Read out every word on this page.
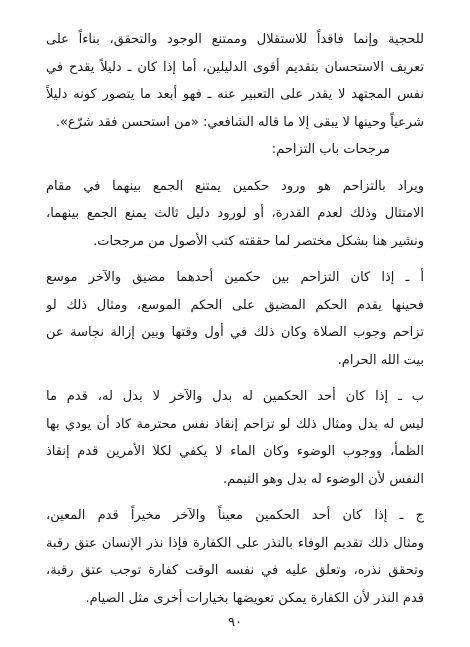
للحجية وإنما فاقداً للاستقلال وممتنع الوجود والتحقق، بناءاً على
تعريف الاستحسان بتقديم أقوى الدليلين، أما إذا كان ـ دليلاً يقدح في
نفس المجتهد لا يقدر على التعبير عنه ـ فهو أبعد ما يتصور كونه دليلاً
شرعياً وحينها لا يبقى إلا ما قاله الشافعي: «من استحسن فقد شرّع».
مرجحات باب التزاحم:
ويراد بالتزاحم هو ورود حكمين يمتنع الجمع بينهما في مقام
الامتثال وذلك لعدم القدرة، أو لورود دليل ثالث يمنع الجمع بينهما،
ونشير هنا بشكل مختصر لما حققته كتب الأصول من مرجحات.
أ ـ إذا كان التزاحم بين حكمين أحدهما مضيق والآخر موسع
فحينها يقدم الحكم المضيق على الحكم الموسع، ومثال ذلك لو
تزاحم وجوب الصلاة وكان ذلك في أول وقتها وبين إزالة نجاسة عن
بيت الله الحرام.
ب ـ إذا كان أحد الحكمين له بدل والآخر لا بدل له، قدم ما
ليس له بدل ومثال ذلك لو تزاحم إنقاذ نفس محترمة كاد أن يودي بها
الظمأ، ووجوب الوضوء وكان الماء لا يكفي لكلا الأمرين قدم إنقاذ
النفس لأن الوضوء له بدل وهو التيمم.
ج ـ إذا كان أحد الحكمين معيناً والآخر مخيراً قدم المعين،
ومثال ذلك تقديم الوفاء بالنذر على الكفارة فإذا نذر الإنسان عتق رقبة
وتحقق نذره، وتعلق عليه في نفسه الوقت كفارة توجب عتق رقبة،
قدم النذر لأن الكفارة يمكن تعويضها بخيارات أخرى مثل الصيام.
٩٠
